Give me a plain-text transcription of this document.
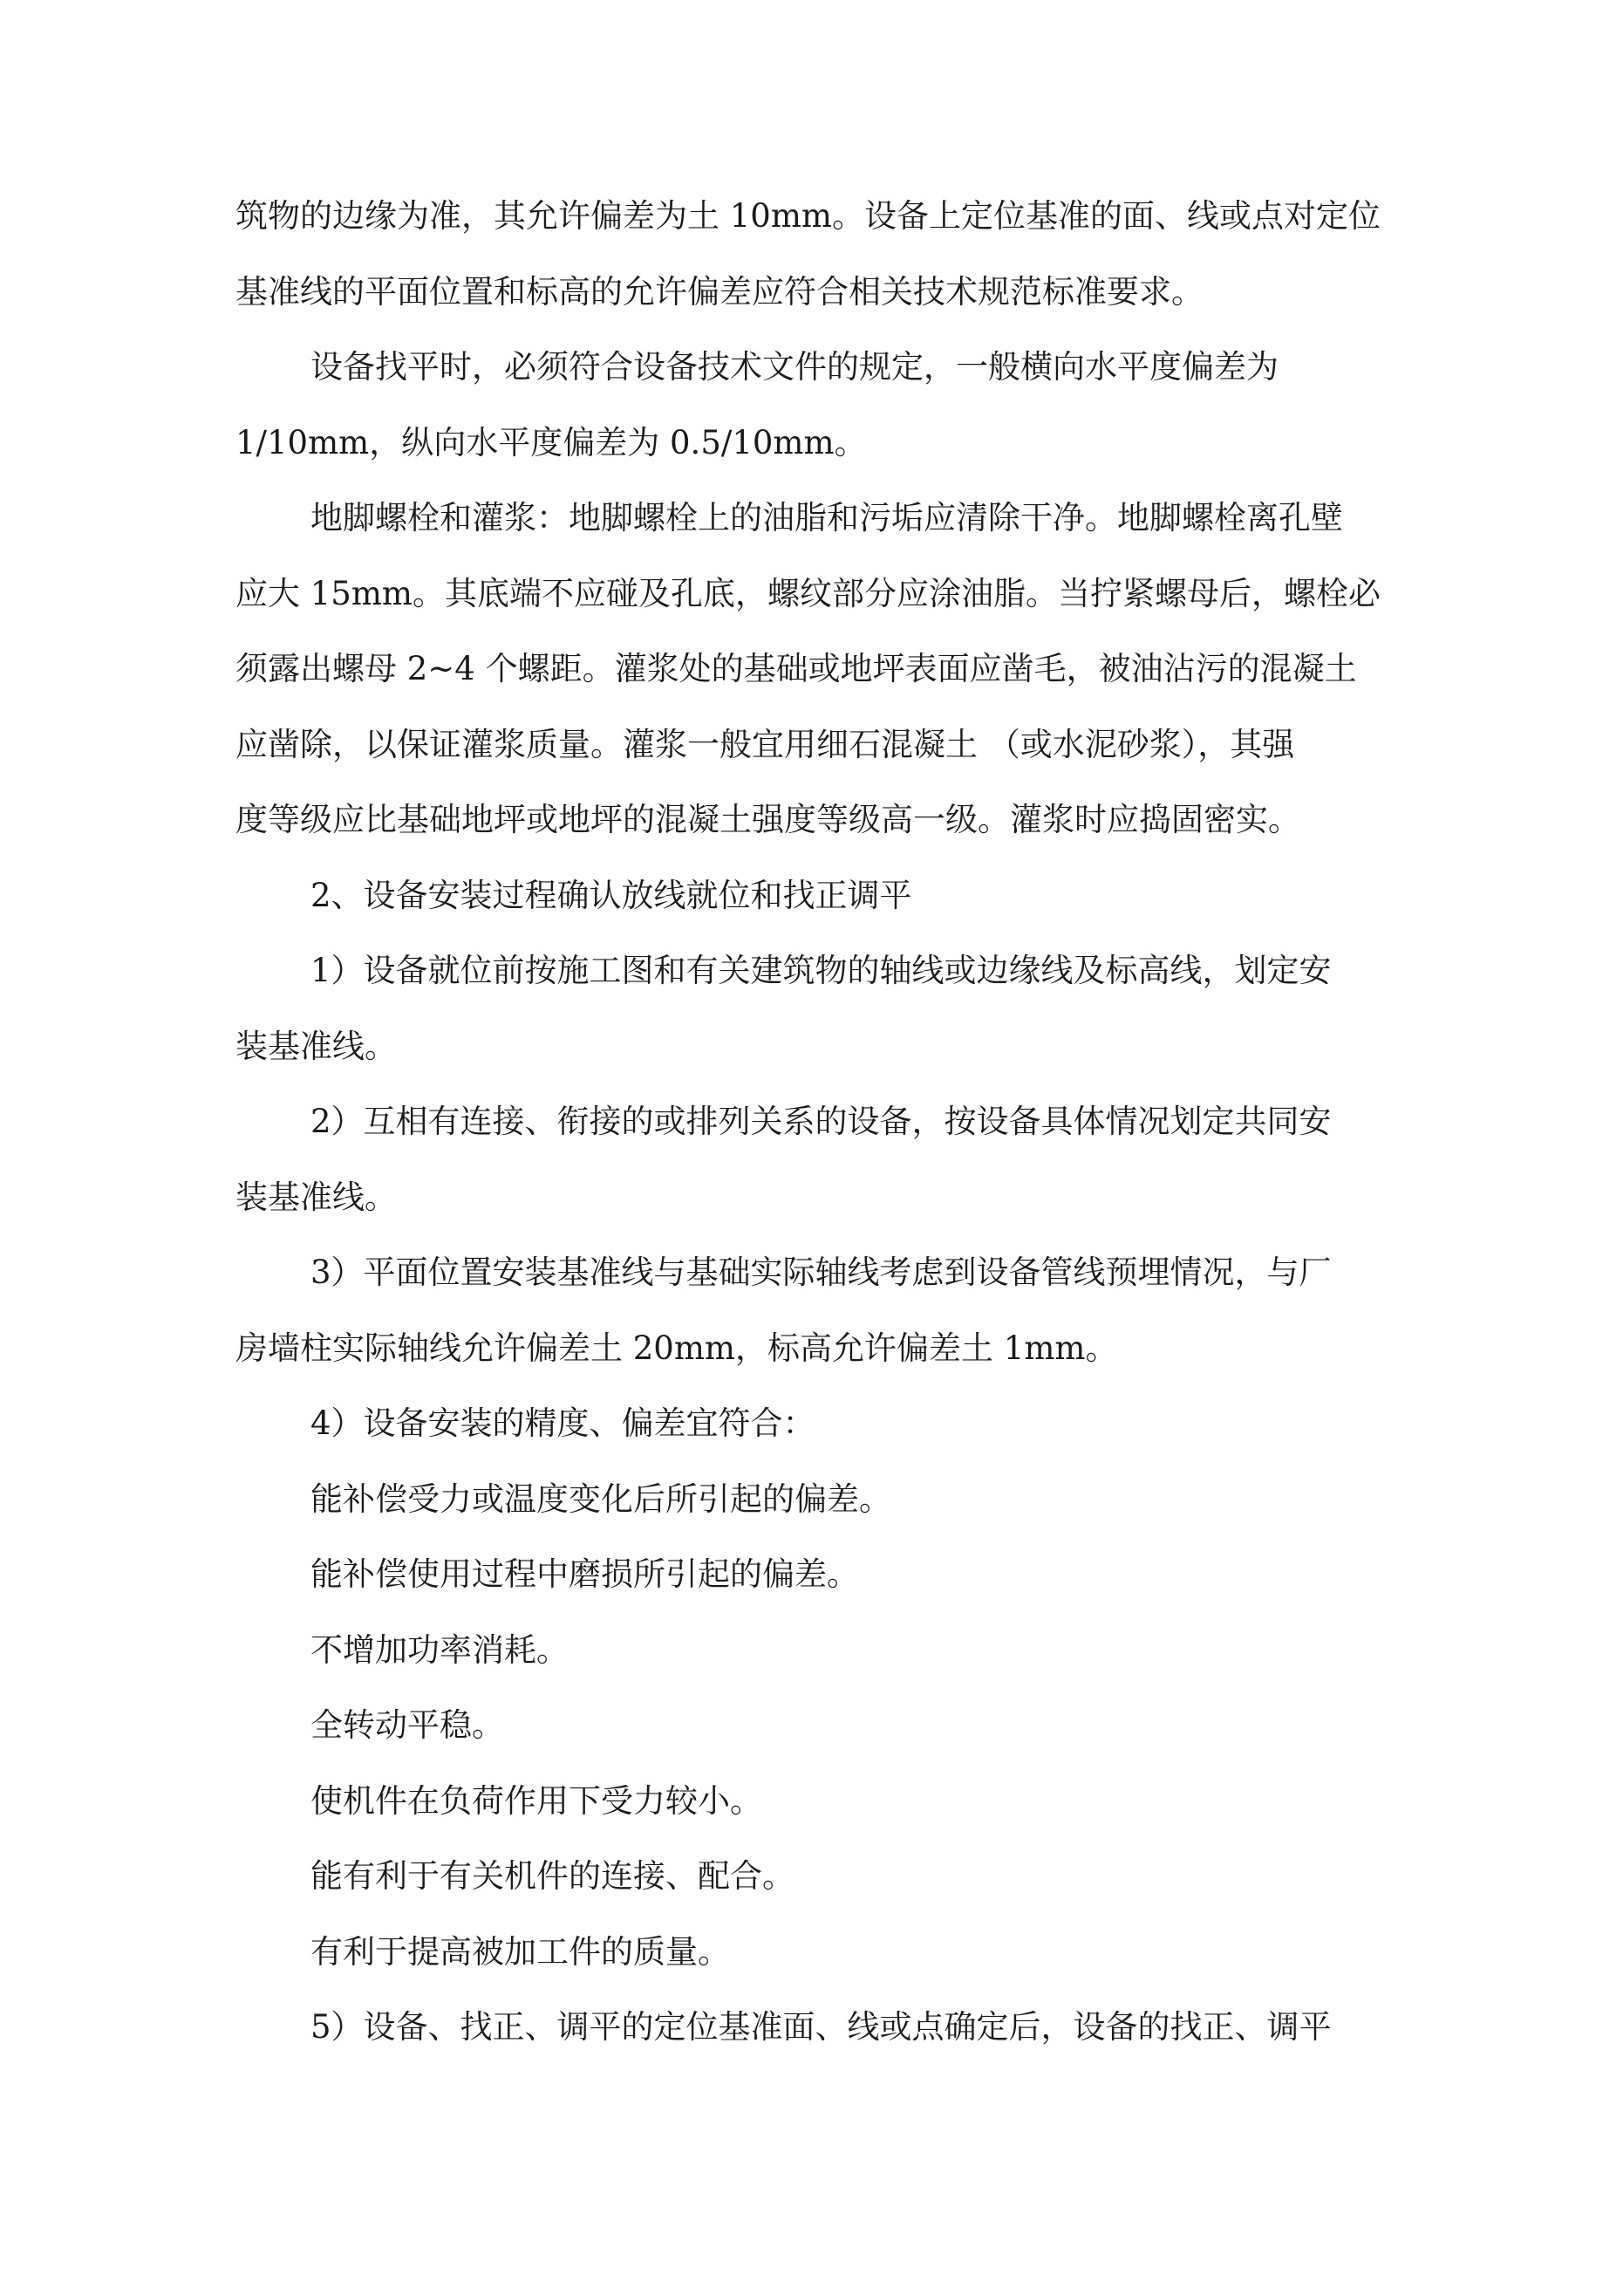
筑物的边缘为准，其允许偏差为土 10mm。设备上定位基准的面、线或点对定位
基准线的平面位置和标高的允许偏差应符合相关技术规范标准要求。
设备找平时，必须符合设备技术文件的规定，一般横向水平度偏差为
1/10mm，纵向水平度偏差为 0.5/10mm。
地脚螺栓和灌浆：地脚螺栓上的油脂和污垢应清除干净。地脚螺栓离孔壁
应大 15mm。其底端不应碰及孔底，螺纹部分应涂油脂。当拧紧螺母后，螺栓必
须露出螺母 2~4 个螺距。灌浆处的基础或地坪表面应凿毛，被油沾污的混凝土
应凿除，以保证灌浆质量。灌浆一般宜用细石混凝土 （或水泥砂浆），其强
度等级应比基础地坪或地坪的混凝土强度等级高一级。灌浆时应捣固密实。
2、设备安装过程确认放线就位和找正调平
1）设备就位前按施工图和有关建筑物的轴线或边缘线及标高线，划定安
装基准线。
2）互相有连接、衔接的或排列关系的设备，按设备具体情况划定共同安
装基准线。
3）平面位置安装基准线与基础实际轴线考虑到设备管线预埋情况，与厂
房墙柱实际轴线允许偏差土 20mm，标高允许偏差土 1mm。
4）设备安装的精度、偏差宜符合：
能补偿受力或温度变化后所引起的偏差。
能补偿使用过程中磨损所引起的偏差。
不增加功率消耗。
全转动平稳。
使机件在负荷作用下受力较小。
能有利于有关机件的连接、配合。
有利于提高被加工件的质量。
5）设备、找正、调平的定位基准面、线或点确定后，设备的找正、调平
